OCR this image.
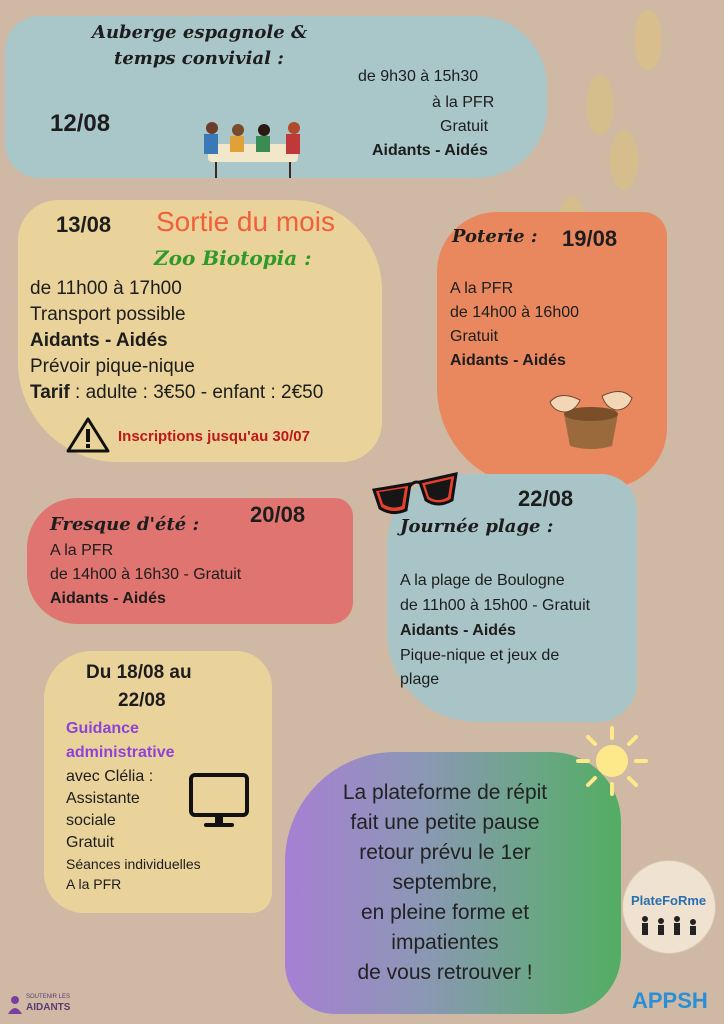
Auberge espagnole &
temps convivial :
12/08
de 9h30 à 15h30
à la PFR
Gratuit
Aidants - Aidés
13/08 Sortie du mois
Zoo Biotopia :
de 11h00 à 17h00
Transport possible
Aidants - Aidés
Prévoir pique-nique
Tarif : adulte : 3€50 - enfant : 2€50
Inscriptions jusqu'au 30/07
Poterie : 19/08
A la PFR
de 14h00 à 16h00
Gratuit
Aidants - Aidés
Fresque d'été : 20/08
A la PFR
de 14h00 à 16h30 - Gratuit
Aidants - Aidés
22/08
Journée plage :
A la plage de Boulogne
de 11h00 à 15h00 - Gratuit
Aidants - Aidés
Pique-nique et jeux de
plage
Du 18/08 au
22/08
Guidance
administrative
avec Clélia :
Assistante
sociale
Gratuit
Séances individuelles
A la PFR
La plateforme de répit
fait une petite pause
retour prévu le 1er
septembre,
en pleine forme et
impatientes
de vous retrouver !
PlateFoRme
APPSH
SOUTENIR LES
AIDANTS
